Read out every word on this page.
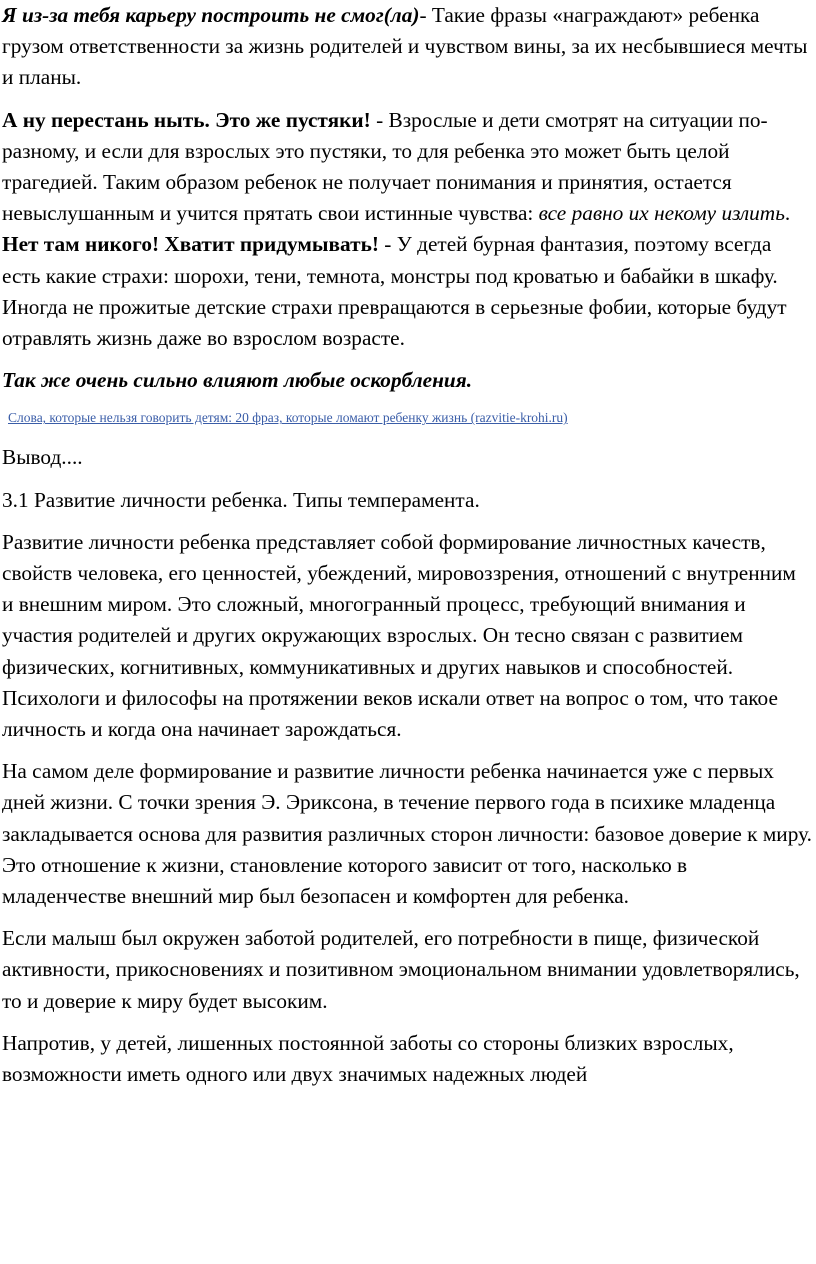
Я из-за тебя карьеру построить не смог(ла)- Такие фразы «награждают» ребенка грузом ответственности за жизнь родителей и чувством вины, за их несбывшиеся мечты и планы.

А ну перестань ныть. Это же пустяки! - Взрослые и дети смотрят на ситуации по-разному, и если для взрослых это пустяки, то для ребенка это может быть целой трагедией. Таким образом ребенок не получает понимания и принятия, остается невыслушанным и учится прятать свои истинные чувства: все равно их некому излить.

Нет там никого! Хватит придумывать! - У детей бурная фантазия, поэтому всегда есть какие страхи: шорохи, тени, темнота, монстры под кроватью и бабайки в шкафу. Иногда не прожитые детские страхи превращаются в серьезные фобии, которые будут отравлять жизнь даже во взрослом возрасте.

Так же очень сильно влияют любые оскорбления.

Слова, которые нельзя говорить детям: 20 фраз, которые ломают ребенку жизнь (razvitie-krohi.ru)

Вывод....

3.1 Развитие личности ребенка. Типы темперамента.

Развитие личности ребенка представляет собой формирование личностных качеств, свойств человека, его ценностей, убеждений, мировоззрения, отношений с внутренним и внешним миром. Это сложный, многогранный процесс, требующий внимания и участия родителей и других окружающих взрослых. Он тесно связан с развитием физических, когнитивных, коммуникативных и других навыков и способностей. Психологи и философы на протяжении веков искали ответ на вопрос о том, что такое личность и когда она начинает зарождаться.

На самом деле формирование и развитие личности ребенка начинается уже с первых дней жизни. С точки зрения Э. Эриксона, в течение первого года в психике младенца закладывается основа для развития различных сторон личности: базовое доверие к миру. Это отношение к жизни, становление которого зависит от того, насколько в младенчестве внешний мир был безопасен и комфортен для ребенка.

Если малыш был окружен заботой родителей, его потребности в пище, физической активности, прикосновениях и позитивном эмоциональном внимании удовлетворялись, то и доверие к миру будет высоким.

Напротив, у детей, лишенных постоянной заботы со стороны близких взрослых, возможности иметь одного или двух значимых надежных людей
